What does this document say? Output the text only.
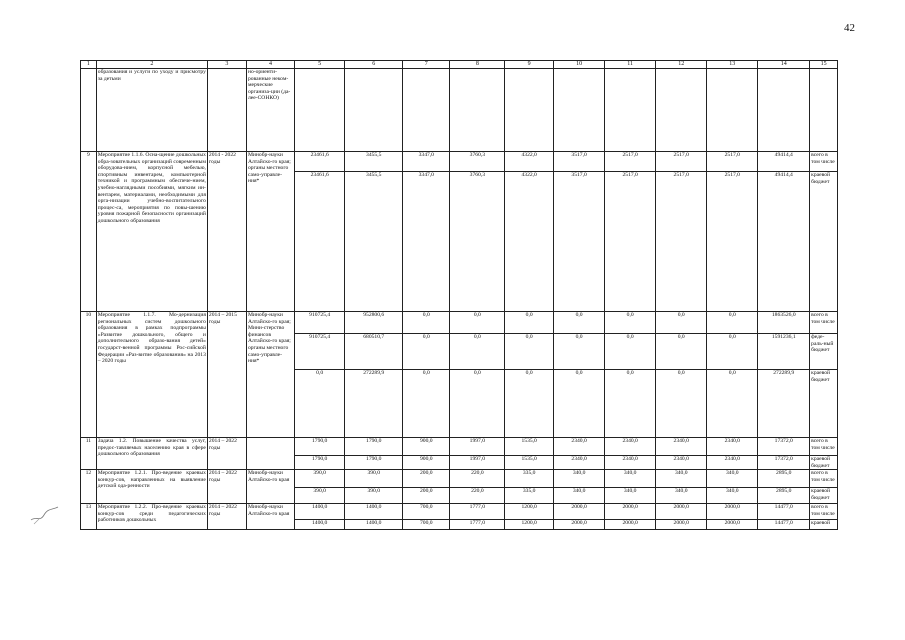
42
1	2	3	4	5	6	7	8	9	10	11	12	13	14	15
	образования и услуги по уходу и присмотру за детьми		но-ориенти-рованные неком-мерческие организа-ции (да-лее-СОНКО)											
9	Мероприятие 1.1.6. Осна-щение дошкольных обра-зовательных организаций современным оборудова-нием, корпусной мебелью, спортивным инвентарем, компьютерной техникой и программным обеспече-нием, учебно-наглядными пособиями, мягким ин-вентарем, материалами, необходимыми для орга-низации учебно-воспитательного процес-са, мероприятия по повы-шению уровня пожарной безопасности организаций дошкольного образования	2014 - 2022 годы	Минобр-науки Алтайско-го края; органы местного само-управле-ния*	23461,6	3455,5	3347,0	3760,3	4322,0	3517,0	2517,0	2517,0	2517,0	49414,4	всего в том числе
				23461,6	3455,5	3347,0	3760,3	4322,0	3517,0	2517,0	2517,0	2517,0	49414,4	краевой бюджет
10	Мероприятие 1.1.7. Мо-дернизация региональных систем дошкольного образования в рамках подпрограммы «Развитие дошкольного, общего и дополнительного образо-вания детей» государст-венной программы Рос-сийской Федерации «Раз-витие образования» на 2013 – 2020 годы	2014 – 2015 годы	Минобр-науки Алтайско-го края; Мини-стерство финансов Алтайско-го края; органы местного само-управле-ния*	910725,4	952800,6	0,0	0,0	0,0	0,0	0,0	0,0	0,0	1863526,0	всего в том числе
				910725,4	680510,7	0,0	0,0	0,0	0,0	0,0	0,0	0,0	1591236,1	феде-раль-ный бюджет
				0,0	272289,9	0,0	0,0	0,0	0,0	0,0	0,0	0,0	272289,9	краевой бюджет
11	Задача 1.2. Повышение качества услуг, предос-тавляемых населению края в сфере дошкольного образования	2014 – 2022 годы		1790,0	1790,0	900,0	1997,0	1535,0	2340,0	2340,0	2340,0	2340,0	17372,0	всего в том числе
				1790,0	1790,0	900,0	1997,0	1535,0	2340,0	2340,0	2340,0	2340,0	17372,0	краевой бюджет
12	Мероприятие 1.2.1. Про-ведение краевых конкур-сов, направленных на выявление детской ода-ренности	2014 – 2022 годы	Минобр-науки Алтайско-го края	390,0	390,0	200,0	220,0	335,0	340,0	340,0	340,0	340,0	2895,0	всего в том числе
				390,0	390,0	200,0	220,0	335,0	340,0	340,0	340,0	340,0	2895,0	краевой бюджет
13	Мероприятие 1.2.2. Про-ведение краевых конкур-сов среди педагогических работников дошкольных	2014 – 2022 годы	Минобр-науки Алтайско-го края	1400,0	1400,0	700,0	1777,0	1200,0	2000,0	2000,0	2000,0	2000,0	14477,0	всего в том числе
				1400,0	1400,0	700,0	1777,0	1200,0	2000,0	2000,0	2000,0	2000,0	14477,0	краевой
